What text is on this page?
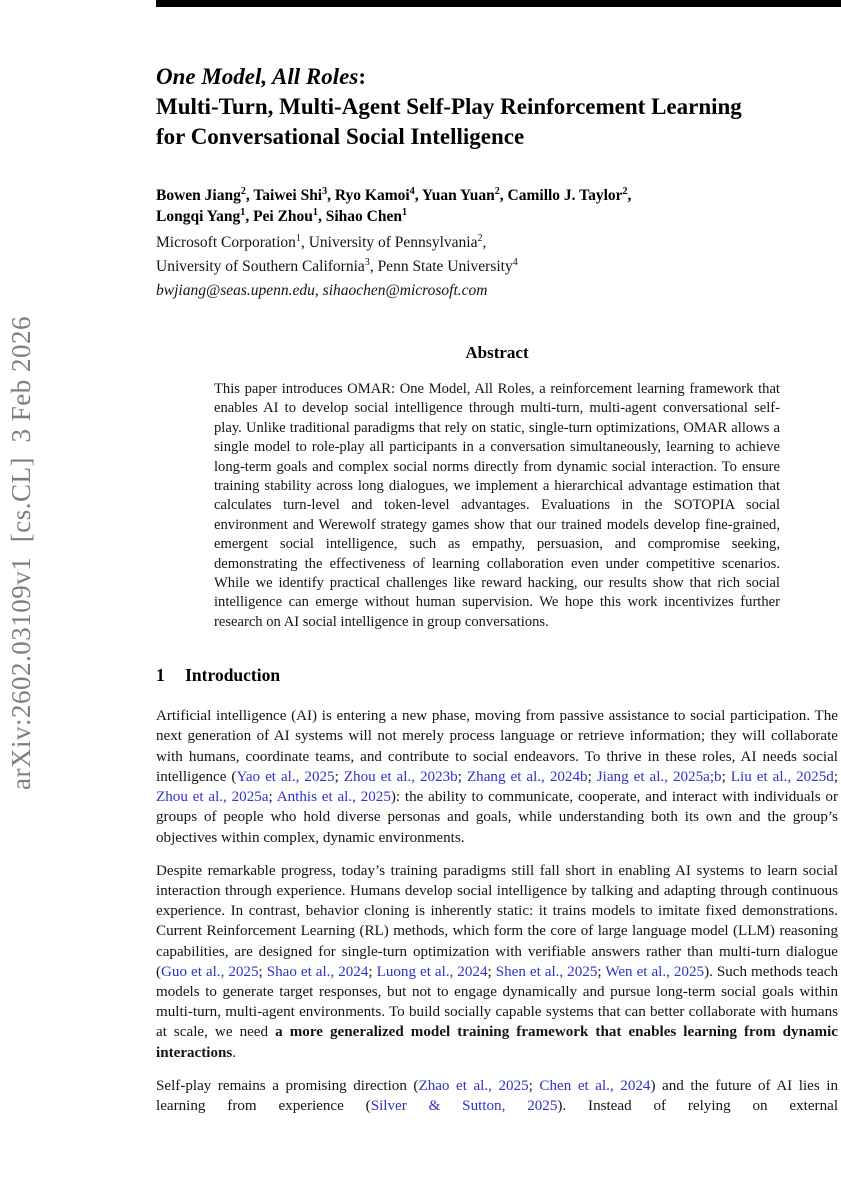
arXiv:2602.03109v1  [cs.CL]  3 Feb 2026
One Model, All Roles:
Multi-Turn, Multi-Agent Self-Play Reinforcement Learning
for Conversational Social Intelligence
Bowen Jiang$^2$, Taiwei Shi$^3$, Ryo Kamoi$^4$, Yuan Yuan$^2$, Camillo J. Taylor$^2$,
Longqi Yang$^1$, Pei Zhou$^1$, Sihao Chen$^1$
Microsoft Corporation$^1$, University of Pennsylvania$^2$,
University of Southern California$^3$, Penn State University$^4$
bwjiang@seas.upenn.edu, sihaochen@microsoft.com
Abstract

This paper introduces OMAR: One Model, All Roles, a reinforcement learning framework that enables AI to develop social intelligence through multi-turn, multi-agent conversational self-play. Unlike traditional paradigms that rely on static, single-turn optimizations, OMAR allows a single model to role-play all participants in a conversation simultaneously, learning to achieve long-term goals and complex social norms directly from dynamic social interaction. To ensure training stability across long dialogues, we implement a hierarchical advantage estimation that calculates turn-level and token-level advantages. Evaluations in the SOTOPIA social environment and Werewolf strategy games show that our trained models develop fine-grained, emergent social intelligence, such as empathy, persuasion, and compromise seeking, demonstrating the effectiveness of learning collaboration even under competitive scenarios. While we identify practical challenges like reward hacking, our results show that rich social intelligence can emerge without human supervision. We hope this work incentivizes further research on AI social intelligence in group conversations.

1 Introduction

Artificial intelligence (AI) is entering a new phase, moving from passive assistance to social participation. The next generation of AI systems will not merely process language or retrieve information; they will collaborate with humans, coordinate teams, and contribute to social endeavors. To thrive in these roles, AI needs social intelligence (Yao et al., 2025; Zhou et al., 2023b; Zhang et al., 2024b; Jiang et al., 2025a;b; Liu et al., 2025d; Zhou et al., 2025a; Anthis et al., 2025): the ability to communicate, cooperate, and interact with individuals or groups of people who hold diverse personas and goals, while understanding both its own and the group’s objectives within complex, dynamic environments.

Despite remarkable progress, today’s training paradigms still fall short in enabling AI systems to learn social interaction through experience. Humans develop social intelligence by talking and adapting through continuous experience. In contrast, behavior cloning is inherently static: it trains models to imitate fixed demonstrations. Current Reinforcement Learning (RL) methods, which form the core of large language model (LLM) reasoning capabilities, are designed for single-turn optimization with verifiable answers rather than multi-turn dialogue (Guo et al., 2025; Shao et al., 2024; Luong et al., 2024; Shen et al., 2025; Wen et al., 2025). Such methods teach models to generate target responses, but not to engage dynamically and pursue long-term social goals within multi-turn, multi-agent environments. To build socially capable systems that can better collaborate with humans at scale, we need a more generalized model training framework that enables learning from dynamic interactions.

Self-play remains a promising direction (Zhao et al., 2025; Chen et al., 2024) and the future of AI lies in learning from experience (Silver & Sutton, 2025). Instead of relying on external
